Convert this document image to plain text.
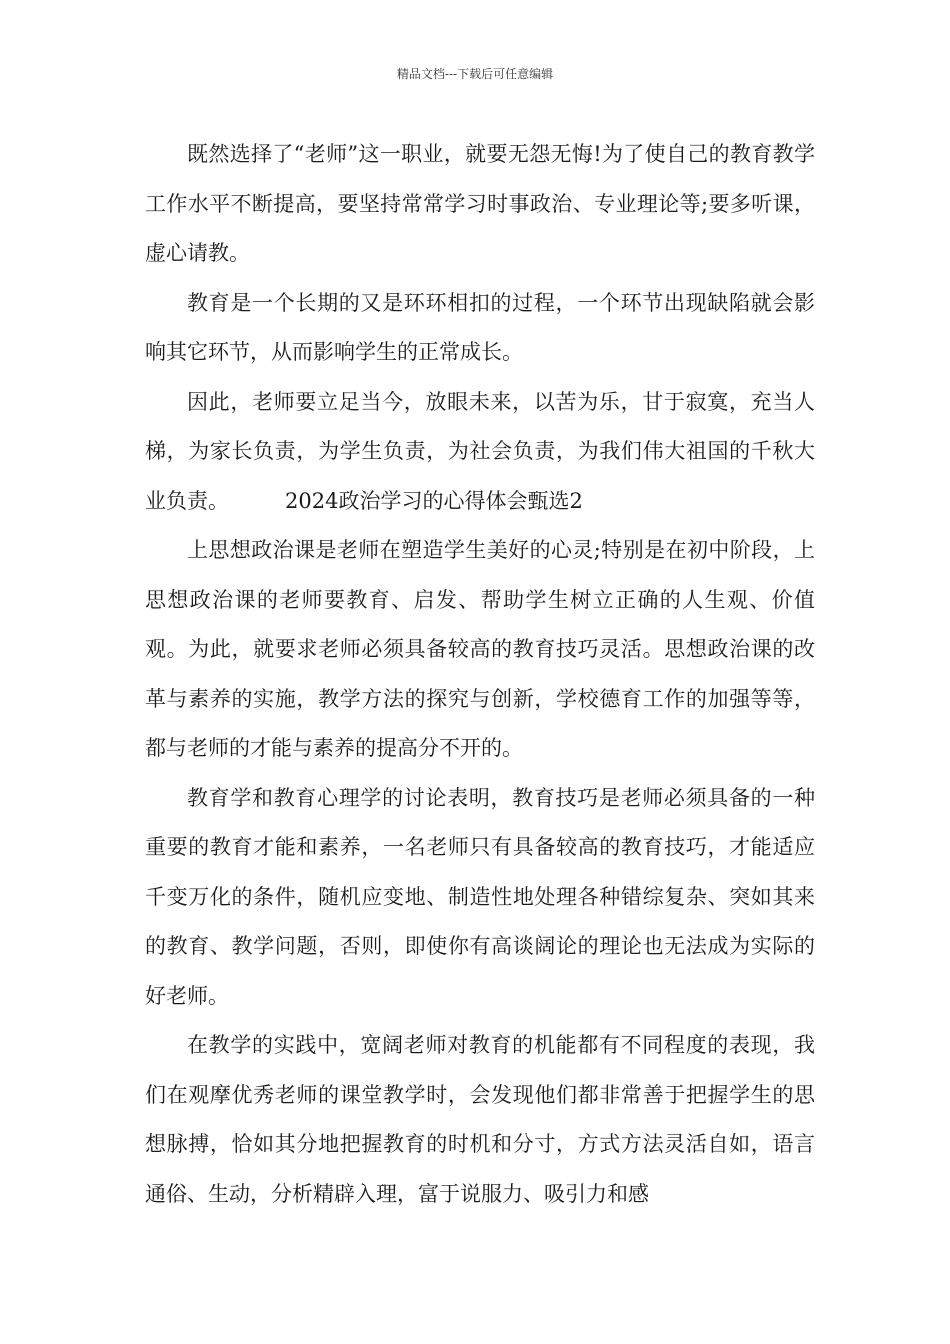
精品文档---下载后可任意编辑

既然选择了“老师”这一职业，就要无怨无悔!为了使自己的教育教学工作水平不断提高，要坚持常常学习时事政治、专业理论等;要多听课，虚心请教。

教育是一个长期的又是环环相扣的过程，一个环节出现缺陷就会影响其它环节，从而影响学生的正常成长。

因此，老师要立足当今，放眼未来，以苦为乐，甘于寂寞，充当人梯，为家长负责，为学生负责，为社会负责，为我们伟大祖国的千秋大业负责。	2024政治学习的心得体会甄选2

上思想政治课是老师在塑造学生美好的心灵;特别是在初中阶段，上思想政治课的老师要教育、启发、帮助学生树立正确的人生观、价值观。为此，就要求老师必须具备较高的教育技巧灵活。思想政治课的改革与素养的实施，教学方法的探究与创新，学校德育工作的加强等等，都与老师的才能与素养的提高分不开的。

教育学和教育心理学的讨论表明，教育技巧是老师必须具备的一种重要的教育才能和素养，一名老师只有具备较高的教育技巧，才能适应千变万化的条件，随机应变地、制造性地处理各种错综复杂、突如其来的教育、教学问题，否则，即使你有高谈阔论的理论也无法成为实际的好老师。

在教学的实践中，宽阔老师对教育的机能都有不同程度的表现，我们在观摩优秀老师的课堂教学时，会发现他们都非常善于把握学生的思想脉搏，恰如其分地把握教育的时机和分寸，方式方法灵活自如，语言通俗、生动，分析精辟入理，富于说服力、吸引力和感
